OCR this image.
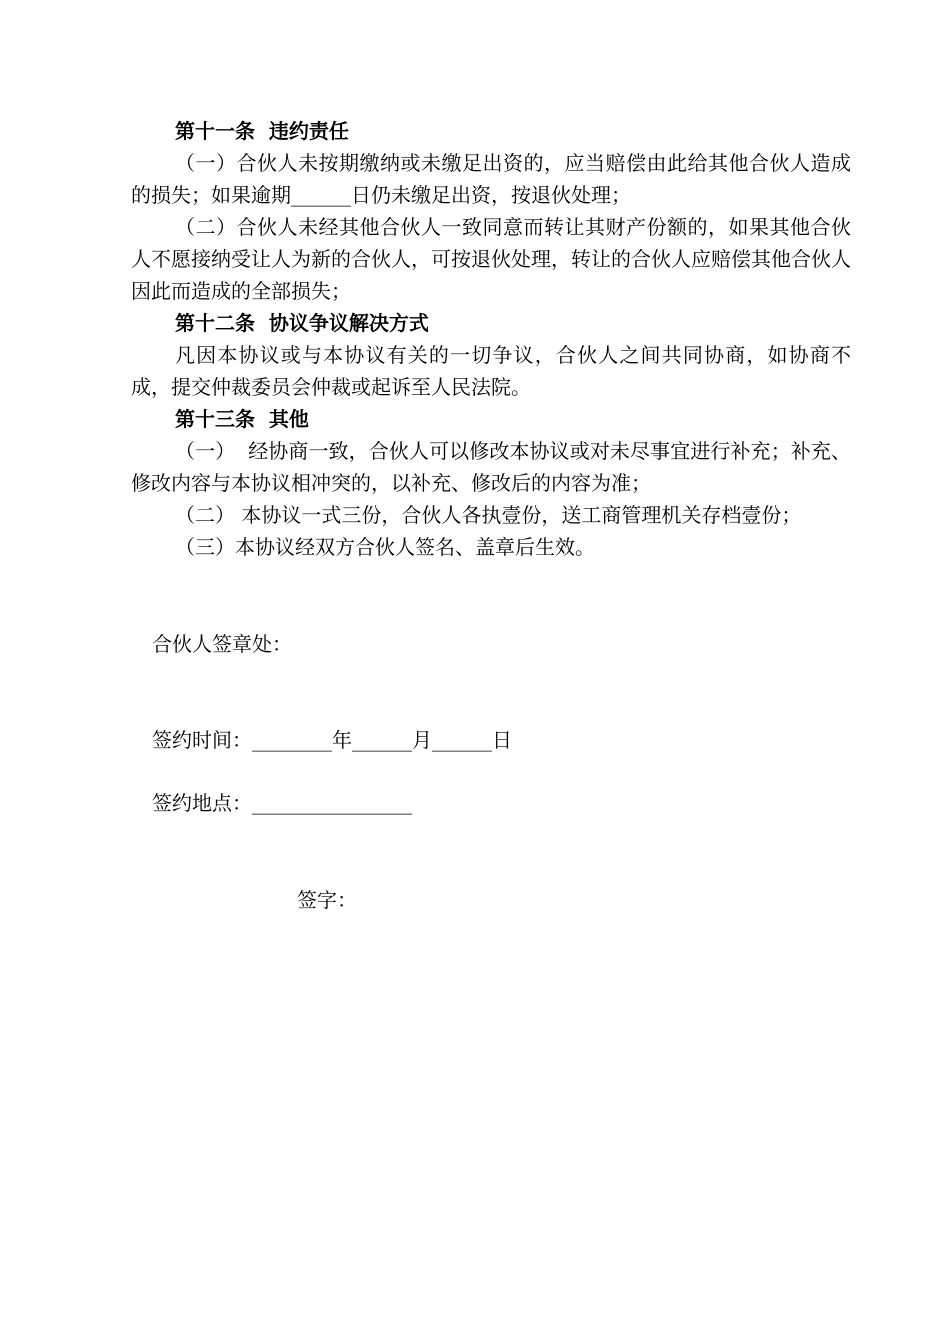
第十一条  违约责任

（一）合伙人未按期缴纳或未缴足出资的，应当赔偿由此给其他合伙人造成的损失；如果逾期______日仍未缴足出资，按退伙处理；

（二）合伙人未经其他合伙人一致同意而转让其财产份额的，如果其他合伙人不愿接纳受让人为新的合伙人，可按退伙处理，转让的合伙人应赔偿其他合伙人因此而造成的全部损失；

第十二条  协议争议解决方式

凡因本协议或与本协议有关的一切争议，合伙人之间共同协商，如协商不成，提交仲裁委员会仲裁或起诉至人民法院。

第十三条  其他

（一）  经协商一致，合伙人可以修改本协议或对未尽事宜进行补充；补充、修改内容与本协议相冲突的，以补充、修改后的内容为准；

（二） 本协议一式三份，合伙人各执壹份，送工商管理机关存档壹份；

（三）本协议经双方合伙人签名、盖章后生效。

合伙人签章处：
签约时间：________年______月______日
签约地点：________________
签字：
